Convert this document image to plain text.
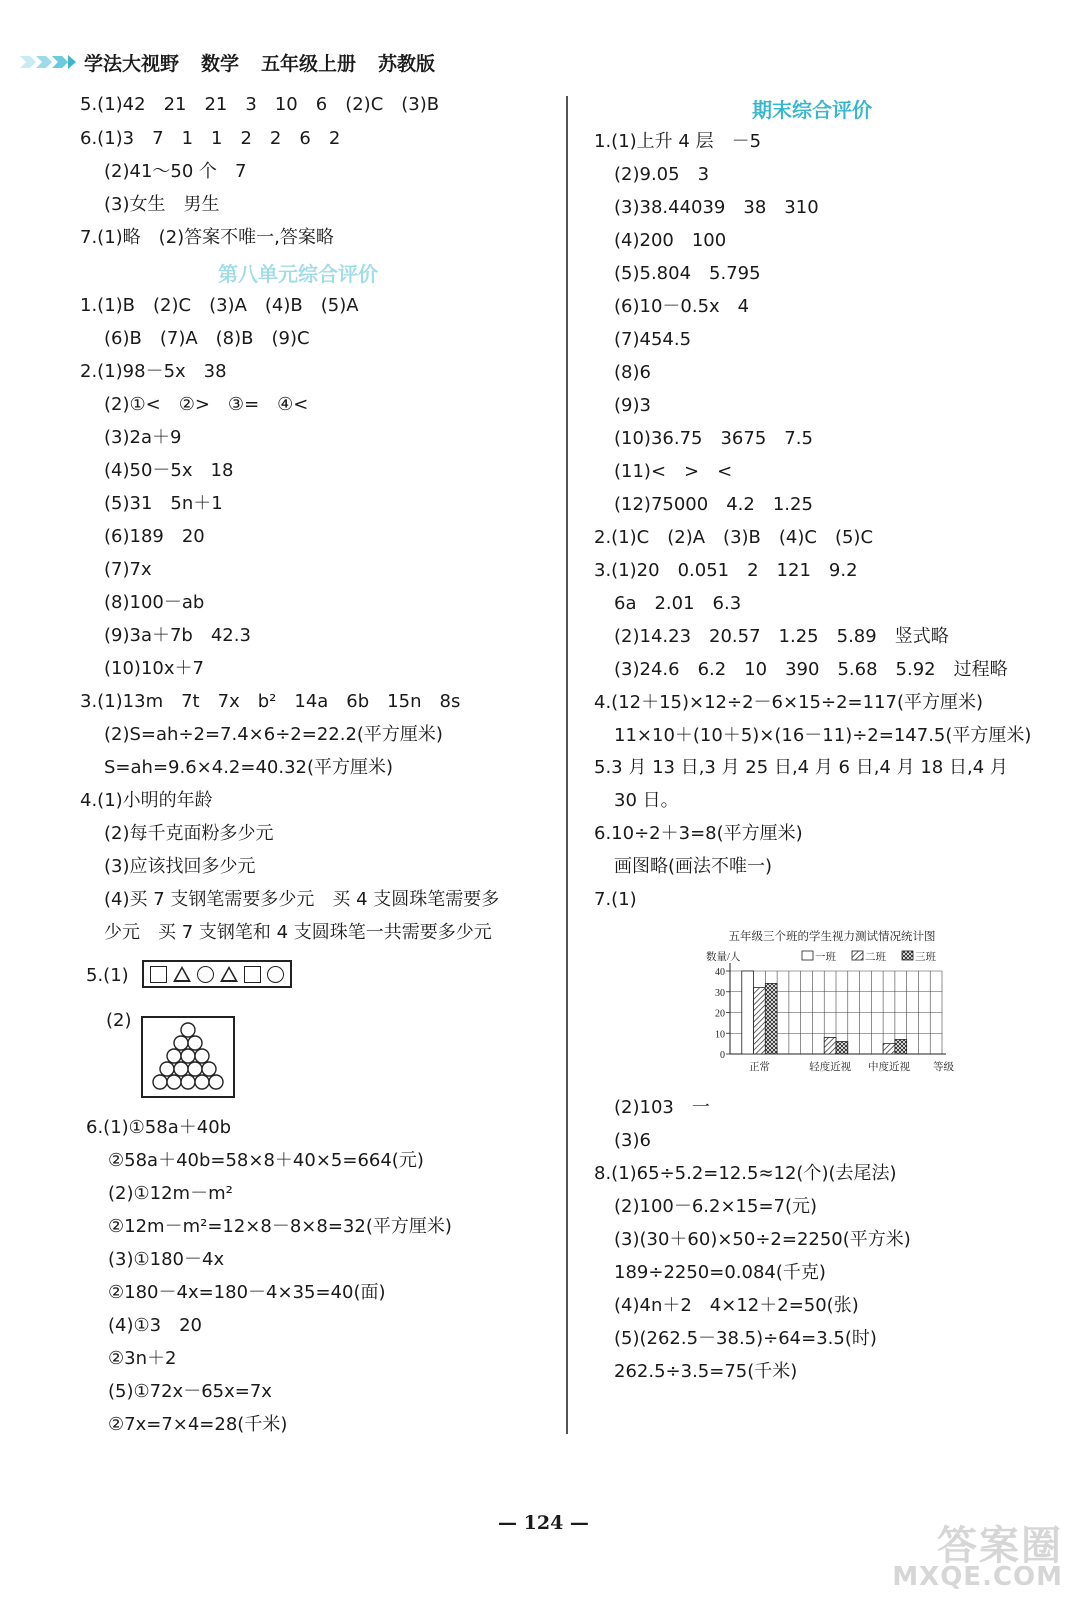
学法大视野 数学 五年级上册 苏教版
5.(1)42　21　21　3　10　6　(2)C　(3)B
6.(1)3　7　1　1　2　2　6　2
(2)41～50 个　7
(3)女生　男生
7.(1)略　(2)答案不唯一,答案略
第八单元综合评价
1.(1)B　(2)C　(3)A　(4)B　(5)A
(6)B　(7)A　(8)B　(9)C
2.(1)98－5x　38
(2)①<　②>　③=　④<
(3)2a＋9
(4)50－5x　18
(5)31　5n＋1
(6)189　20
(7)7x
(8)100－ab
(9)3a＋7b　42.3
(10)10x＋7
3.(1)13m　7t　7x　b²　14a　6b　15n　8s
(2)S=ah÷2=7.4×6÷2=22.2(平方厘米)
S=ah=9.6×4.2=40.32(平方厘米)
4.(1)小明的年龄
(2)每千克面粉多少元
(3)应该找回多少元
(4)买 7 支钢笔需要多少元　买 4 支圆珠笔需要多
少元　买 7 支钢笔和 4 支圆珠笔一共需要多少元
5.(1)
(2)
6.(1)①58a＋40b
②58a＋40b=58×8＋40×5=664(元)
(2)①12m－m²
②12m－m²=12×8－8×8=32(平方厘米)
(3)①180－4x
②180－4x=180－4×35=40(面)
(4)①3　20
②3n＋2
(5)①72x－65x=7x
②7x=7×4=28(千米)
期末综合评价
1.(1)上升 4 层　－5
(2)9.05　3
(3)38.44039　38　310
(4)200　100
(5)5.804　5.795
(6)10－0.5x　4
(7)454.5
(8)6
(9)3
(10)36.75　3675　7.5
(11)<　>　<
(12)75000　4.2　1.25
2.(1)C　(2)A　(3)B　(4)C　(5)C
3.(1)20　0.051　2　121　9.2
6a　2.01　6.3
(2)14.23　20.57　1.25　5.89　竖式略
(3)24.6　6.2　10　390　5.68　5.92　过程略
4.(12＋15)×12÷2－6×15÷2=117(平方厘米)
11×10＋(10＋5)×(16－11)÷2=147.5(平方厘米)
5.3 月 13 日,3 月 25 日,4 月 6 日,4 月 18 日,4 月
30 日。
6.10÷2＋3=8(平方厘米)
画图略(画法不唯一)
7.(1)
五年级三个班的学生视力测试情况统计图
数量/人
等级
一班	二班	三班
0
10
20
30
40
正常	轻度近视 中度近视
(2)103　一
(3)6
8.(1)65÷5.2=12.5≈12(个)(去尾法)
(2)100－6.2×15=7(元)
(3)(30＋60)×50÷2=2250(平方米)
189÷2250=0.084(千克)
(4)4n＋2　4×12＋2=50(张)
(5)(262.5－38.5)÷64=3.5(时)
262.5÷3.5=75(千米)
— 124 —	答案圈
MXQE.COM
